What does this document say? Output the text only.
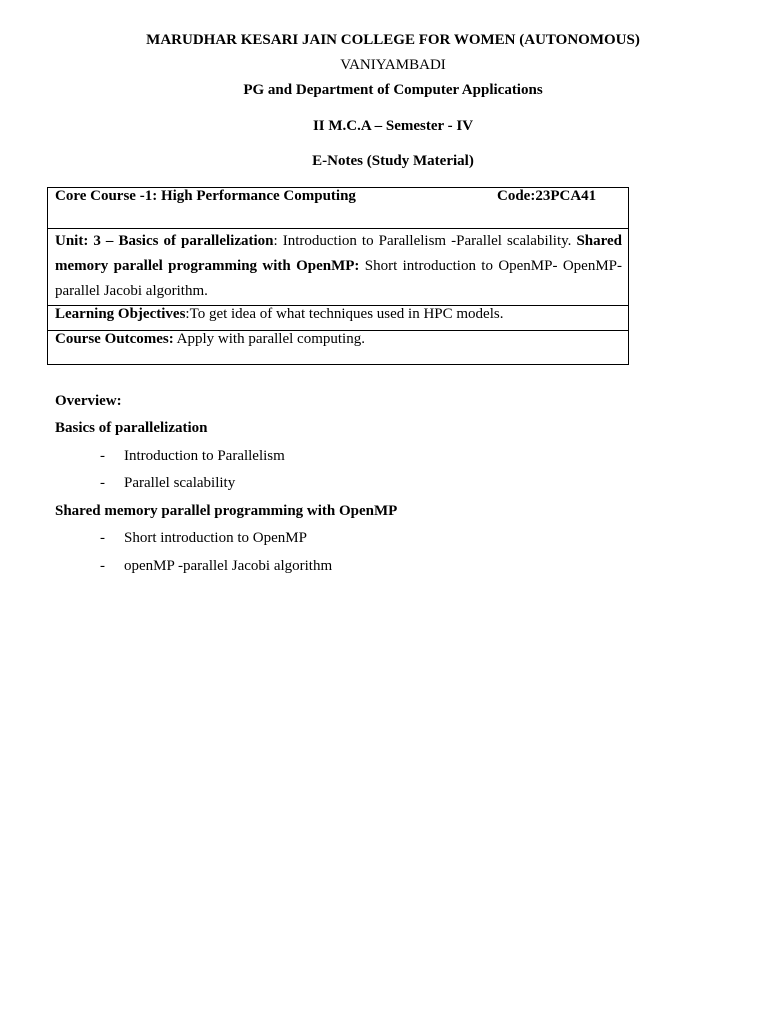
MARUDHAR KESARI JAIN COLLEGE FOR WOMEN (AUTONOMOUS)
VANIYAMBADI
PG and Department of Computer Applications
II M.C.A – Semester - IV
E-Notes (Study Material)
Core Course -1: High Performance Computing	Code:23PCA41
Unit: 3 – Basics of parallelization: Introduction to Parallelism -Parallel scalability. Shared memory parallel programming with OpenMP: Short introduction to OpenMP- OpenMP-parallel Jacobi algorithm.
Learning Objectives:To get idea of what techniques used in HPC models.
Course Outcomes: Apply with parallel computing.
Overview:
Basics of parallelization
- Introduction to Parallelism
- Parallel scalability
Shared memory parallel programming with OpenMP
- Short introduction to OpenMP
- openMP -parallel Jacobi algorithm
